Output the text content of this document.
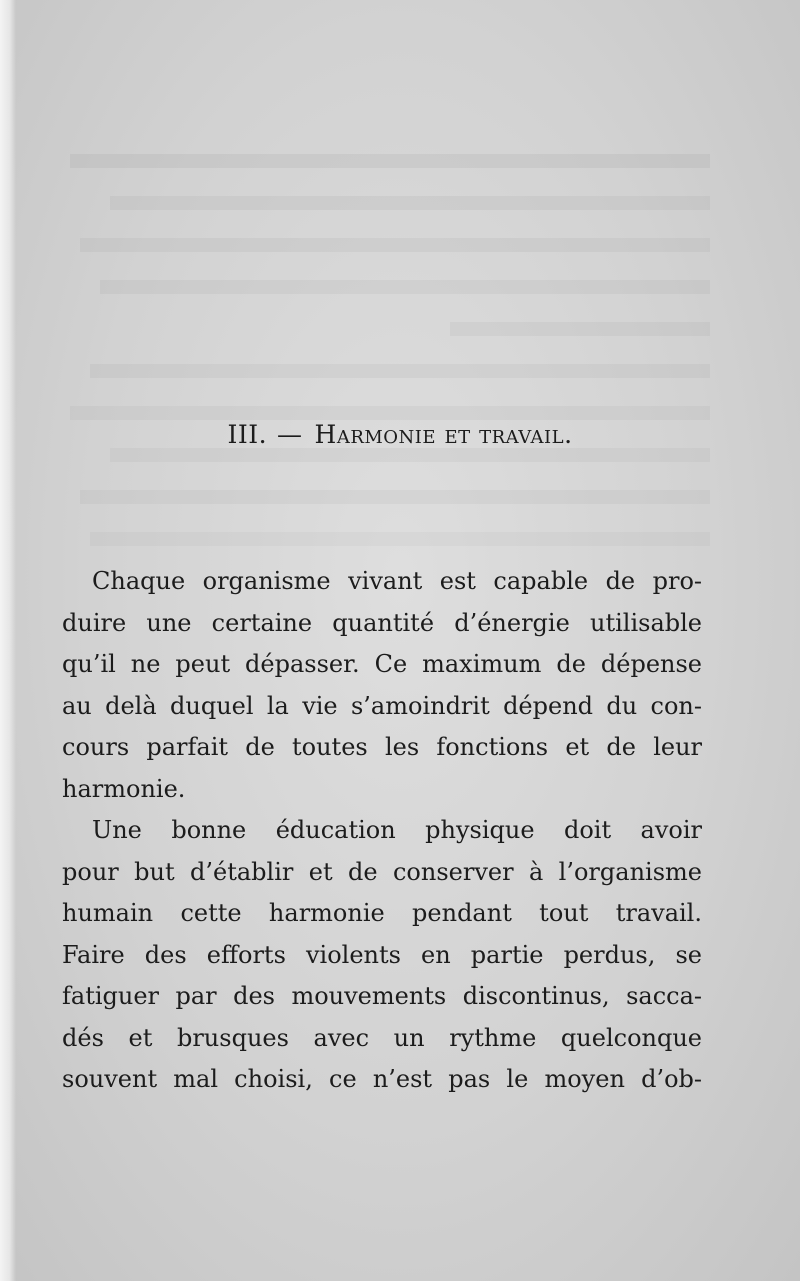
III. — Harmonie et travail.
Chaque organisme vivant est capable de pro-
duire une certaine quantité d’énergie utilisable
qu’il ne peut dépasser. Ce maximum de dépense
au delà duquel la vie s’amoindrit dépend du con-
cours parfait de toutes les fonctions et de leur
harmonie.
Une bonne éducation physique doit avoir
pour but d’établir et de conserver à l’organisme
humain cette harmonie pendant tout travail.
Faire des efforts violents en partie perdus, se
fatiguer par des mouvements discontinus, sacca-
dés et brusques avec un rythme quelconque
souvent mal choisi, ce n’est pas le moyen d’ob-
